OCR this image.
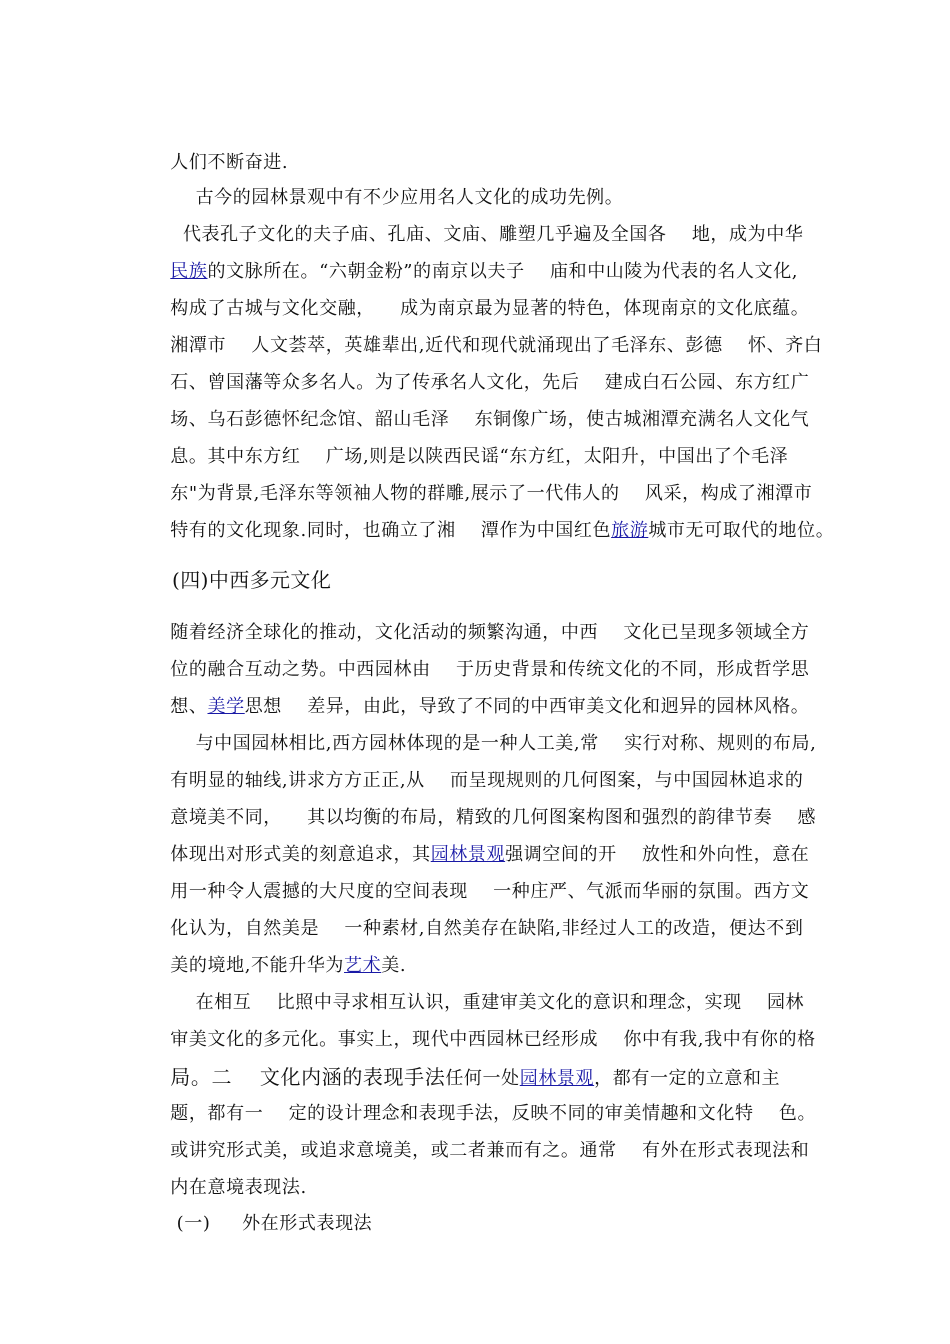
人们不断奋进.

古今的园林景观中有不少应用名人文化的成功先例。

代表孔子文化的夫子庙、孔庙、文庙、雕塑几乎遍及全国各    地，成为中华

民族的文脉所在。“六朝金粉”的南京以夫子    庙和中山陵为代表的名人文化,

构成了古城与文化交融，    成为南京最为显著的特色，体现南京的文化底蕴。

湘潭市    人文荟萃，英雄辈出,近代和现代就涌现出了毛泽东、彭德    怀、齐白

石、曾国藩等众多名人。为了传承名人文化，先后    建成白石公园、东方红广

场、乌石彭德怀纪念馆、韶山毛泽    东铜像广场，使古城湘潭充满名人文化气

息。其中东方红    广场,则是以陕西民谣“东方红，太阳升，中国出了个毛泽

东"为背景,毛泽东等领袖人物的群雕,展示了一代伟人的    风采，构成了湘潭市

特有的文化现象.同时，也确立了湘    潭作为中国红色旅游城市无可取代的地位。

(四)中西多元文化

随着经济全球化的推动，文化活动的频繁沟通，中西    文化已呈现多领域全方

位的融合互动之势。中西园林由    于历史背景和传统文化的不同，形成哲学思

想、美学思想    差异，由此，导致了不同的中西审美文化和迥异的园林风格。

与中国园林相比,西方园林体现的是一种人工美,常    实行对称、规则的布局,

有明显的轴线,讲求方方正正,从    而呈现规则的几何图案，与中国园林追求的

意境美不同，    其以均衡的布局，精致的几何图案构图和强烈的韵律节奏    感

体现出对形式美的刻意追求，其园林景观强调空间的开    放性和外向性，意在

用一种令人震撼的大尺度的空间表现    一种庄严、气派而华丽的氛围。西方文

化认为，自然美是    一种素材,自然美存在缺陷,非经过人工的改造，便达不到

美的境地,不能升华为艺术美.

在相互    比照中寻求相互认识，重建审美文化的意识和理念，实现    园林

审美文化的多元化。事实上，现代中西园林已经形成    你中有我,我中有你的格

局。二    文化内涵的表现手法任何一处园林景观，都有一定的立意和主

题，都有一    定的设计理念和表现手法，反映不同的审美情趣和文化特    色。

或讲究形式美，或追求意境美，或二者兼而有之。通常    有外在形式表现法和

内在意境表现法.

(一)     外在形式表现法
